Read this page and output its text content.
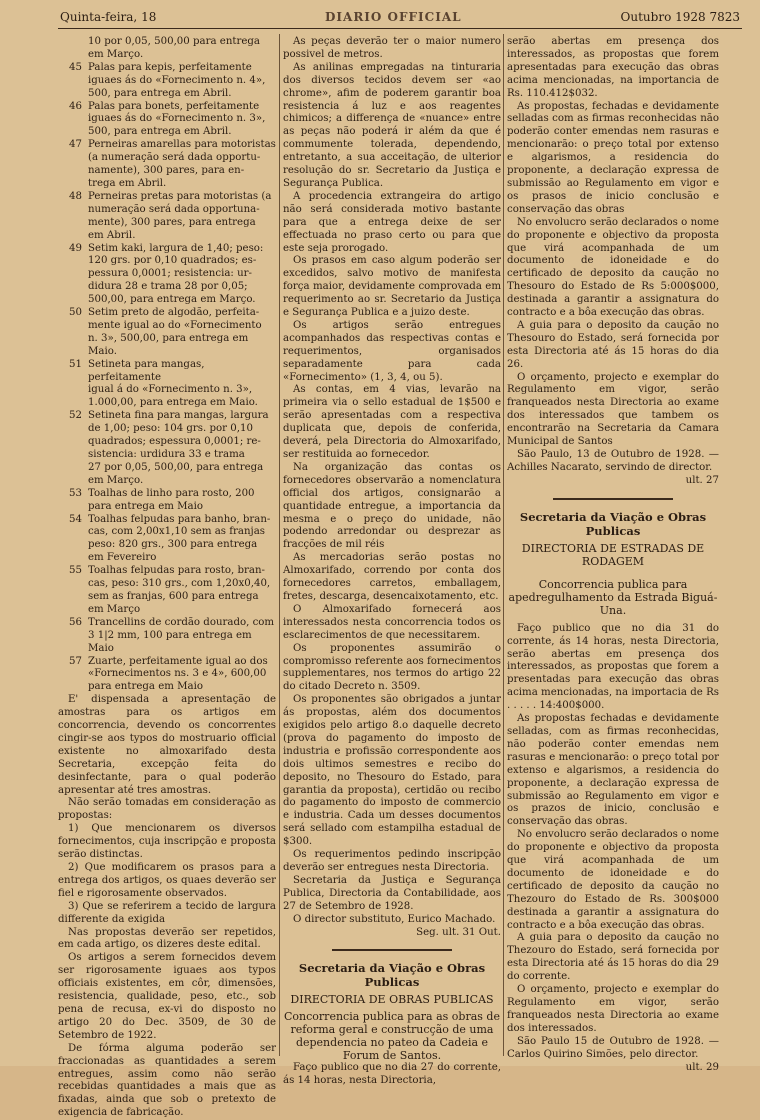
Quinta-feira, 18	DIARIO OFFICIAL	Outubro 1928 7823
10 por 0,05, 500,00 para entrega
em Março.
45 Palas para kepis, perfeitamente
iguaes ás do «Fornecimento n. 4»,
500, para entrega em Abril.
46 Palas para bonets, perfeitamente
iguaes ás do «Fornecimento n. 3»,
500, para entrega em Abril.
47 Perneiras amarellas para motoristas
(a numeração será dada opportu-
namente), 300 pares, para en-
trega em Abril.
48 Perneiras pretas para motoristas (a
numeração será dada opportuna-
mente), 300 pares, para entrega
em Abril.
49 Setim kaki, largura de 1,40; peso:
120 grs. por 0,10 quadrados; es-
pessura 0,0001; resistencia: ur-
didura 28 e trama 28 por 0,05;
500,00, para entrega em Março.
50 Setim preto de algodão, perfeita-
mente igual ao do «Fornecimento
n. 3», 500,00, para entrega em
Maio.
51 Setineta para mangas, perfeitamente
igual á do «Fornecimento n. 3»,
1.000,00, para entrega em Maio.
52 Setineta fina para mangas, largura
de 1,00; peso: 104 grs. por 0,10
quadrados; espessura 0,0001; re-
sistencia: urdidura 33 e trama
27 por 0,05, 500,00, para entrega
em Março.
53 Toalhas de linho para rosto, 200
para entrega em Maio
54 Toalhas felpudas para banho, bran-
cas, com 2,00x1,10 sem as franjas
peso: 820 grs., 300 para entrega
em Fevereiro
55 Toalhas felpudas para rosto, bran-
cas, peso: 310 grs., com 1,20x0,40,
sem as franjas, 600 para entrega
em Março
56 Trancellins de cordão dourado, com
3 1|2 mm, 100 para entrega em
Maio
57 Zuarte, perfeitamente igual ao dos
«Fornecimentos ns. 3 e 4», 600,00
para entrega em Maio

E' dispensada a apresentação de amostras para os artigos em concorrencia, devendo os concorrentes cingir-se aos typos do mostruario official existente no almoxarifado desta Secretaria, excepção feita do desinfectante, para o qual poderão apresentar até tres amostras.

Não serão tomadas em consideração as propostas:

1) Que mencionarem os diversos fornecimentos, cuja inscripção e proposta serão distinctas.

2) Que modificarem os prasos para a entrega dos artigos, os quaes deverão ser fiel e rigorosamente observados.

3) Que se referirem a tecido de largura differente da exigida

Nas propostas deverão ser repetidos, em cada artigo, os dizeres deste edital.

Os artigos a serem fornecidos devem ser rigorosamente iguaes aos typos officiais existentes, em côr, dimensões, resistencia, qualidade, peso, etc., sob pena de recusa, ex-vi do disposto no artigo 20 do Dec. 3509, de 30 de Setembro de 1922.

De fórma alguma poderão ser fraccionadas as quantidades a serem entregues, assim como não serão recebidas quantidades a mais que as fixadas, ainda que sob o pretexto de exigencia de fabricação.

As peças deverão ter o maior numero possivel de metros.

As anilinas empregadas na tinturaria dos diversos tecidos devem ser «ao chrome», afim de poderem garantir boa resistencia á luz e aos reagentes chimicos; a differença de «nuance» entre as peças não poderá ir além da que é commumente tolerada, dependendo, entretanto, a sua acceitação, de ulterior resolução do sr. Secretario da Justiça e Segurança Publica.

A procedencia extrangeira do artigo não será considerada motivo bastante para que a entrega deixe de ser effectuada no praso certo ou para que este seja prorogado.

Os prasos em caso algum poderão ser excedidos, salvo motivo de manifesta força maior, devidamente comprovada em requerimento ao sr. Secretario da Justiça e Segurança Publica e a juizo deste.

Os artigos serão entregues acompanhados das respectivas contas e requerimentos, organisados separadamente para cada «Fornecimento» (1, 3, 4, ou 5).

As contas, em 4 vias, levarão na primeira via o sello estadual de 1$500 e serão apresentadas com a respectiva duplicata que, depois de conferida, deverá, pela Directoria do Almoxarifado, ser restituida ao fornecedor.

Na organização das contas os fornecedores observarão a nomenclatura official dos artigos, consignarão a quantidade entregue, a importancia da mesma e o preço do unidade, não podendo arredondar ou desprezar as fracções de mil réis

As mercadorias serão postas no Almoxarifado, correndo por conta dos fornecedores carretos, emballagem, fretes, descarga, desencaixotamento, etc.

O Almoxarifado fornecerá aos interessados nesta concorrencia todos os esclarecimentos de que necessitarem.

Os proponentes assumirão o compromisso referente aos fornecimentos supplementares, nos termos do artigo 22 do citado Decreto n. 3509.

Os proponentes são obrigados a juntar ás propostas, além dos documentos exigidos pelo artigo 8.o daquelle decreto (prova do pagamento do imposto de industria e profissão correspondente aos dois ultimos semestres e recibo do deposito, no Thesouro do Estado, para garantia da proposta), certidão ou recibo do pagamento do imposto de commercio e industria. Cada um desses documentos será sellado com estampilha estadual de $300.

Os requerimentos pedindo inscripção deverão ser entregues nesta Directoria.

Secretaria da Justiça e Segurança Publica, Directoria da Contabilidade, aos 27 de Setembro de 1928.

O director substituto, Eurico Machado.

Seg. ult. 31 Out.

Secretaria da Viação e Obras Publicas
DIRECTORIA DE OBRAS PUBLICAS
Concorrencia publica para as obras de reforma geral e construcção de uma dependencia no pateo da Cadeia e Forum de Santos.

Faço publico que no dia 27 do corrente, ás 14 horas, nesta Directoria,

serão abertas em presença dos interessados, as propostas que forem apresentadas para execução das obras acima mencionadas, na importancia de Rs. 110.412$032.

As propostas, fechadas e devidamente selladas com as firmas reconhecidas não poderão conter emendas nem rasuras e mencionarão: o preço total por extenso e algarismos, a residencia do proponente, a declaração expressa de submissão ao Regulamento em vigor e os prasos de inicio conclusão e conservação das obras

No envolucro serão declarados o nome do proponente e objectivo da proposta que virá acompanhada de um documento de idoneidade e do certificado de deposito da caução no Thesouro do Estado de Rs 5:000$000, destinada a garantir a assignatura do contracto e a bôa execução das obras.

A guia para o deposito da caução no Thesouro do Estado, será fornecida por esta Directoria até ás 15 horas do dia 26.

O orçamento, projecto e exemplar do Regulamento em vigor, serão franqueados nesta Directoria ao exame dos interessados que tambem os encontrarão na Secretaria da Camara Municipal de Santos

São Paulo, 13 de Outubro de 1928. — Achilles Nacarato, servindo de director.

ult. 27

Secretaria da Viação e Obras Publicas
DIRECTORIA DE ESTRADAS DE RODAGEM
Concorrencia publica para apedregulhamento da Estrada Biguá-Una.

Faço publico que no dia 31 do corrente, ás 14 horas, nesta Directoria, serão abertas em presença dos interessados, as propostas que forem a presentadas para execução das obras acima mencionadas, na importacia de Rs . . . . . 14:400$000.

As propostas fechadas e devidamente selladas, com as firmas reconhecidas, não poderão conter emendas nem rasuras e mencionarão: o preço total por extenso e algarismos, a residencia do proponente, a declaração expressa de submissão ao Regulamento em vigor e os prazos de inicio, conclusão e conservação das obras.

No envolucro serão declarados o nome do proponente e objectivo da proposta que virá acompanhada de um documento de idoneidade e do certificado de deposito da caução no Thezouro do Estado de Rs. 300$000 destinada a garantir a assignatura do contracto e a bôa execução das obras.

A guia para o deposito da caução no Thezouro do Estado, será fornecida por esta Directoria até ás 15 horas do dia 29 do corrente.

O orçamento, projecto e exemplar do Regulamento em vigor, serão franqueados nesta Directoria ao exame dos interessados.

São Paulo 15 de Outubro de 1928. — Carlos Quirino Simões, pelo director.

ult. 29
